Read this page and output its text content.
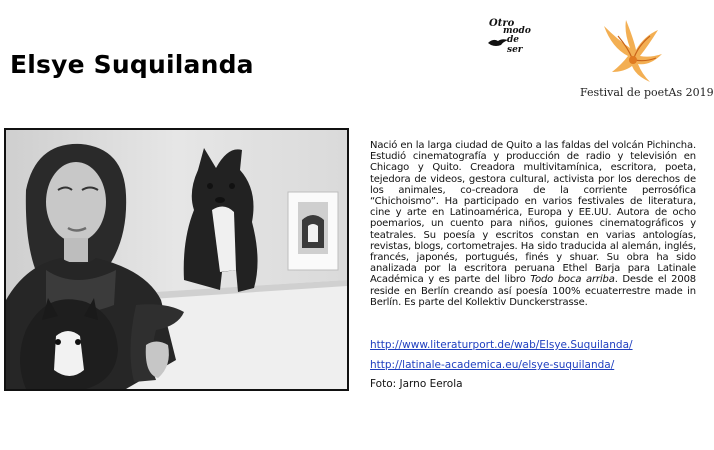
Elsye Suquilanda
Otro
modo
de ser
Festival de poetAs 2019
Nació en la larga ciudad de Quito a las faldas del volcán Pichincha. Estudió cinematografía y producción de radio y televisión en Chicago y Quito. Creadora multivitamínica, escritora, poeta, tejedora de videos, gestora cultural, activista por los derechos de los animales, co-creadora de la corriente perrosófica “Chichoismo”. Ha participado en varios festivales de literatura, cine y arte en Latinoamérica, Europa y EE.UU. Autora de ocho poemarios, un cuento para niños, guiones cinematográficos y teatrales. Su poesía y escritos constan en varias antologías, revistas, blogs, cortometrajes. Ha sido traducida al alemán, inglés, francés, japonés, portugués, finés y shuar. Su obra ha sido analizada por la escritora peruana Ethel Barja para Latinale Académica y es parte del libro Todo boca arriba. Desde el 2008 reside en Berlín creando así poesía 100% ecuaterrestre made in Berlín. Es parte del Kollektiv Dunckerstrasse.
http://www.literaturport.de/wab/Elsye.Suquilanda/
http://latinale-academica.eu/elsye-suquilanda/
Foto: Jarno Eerola
